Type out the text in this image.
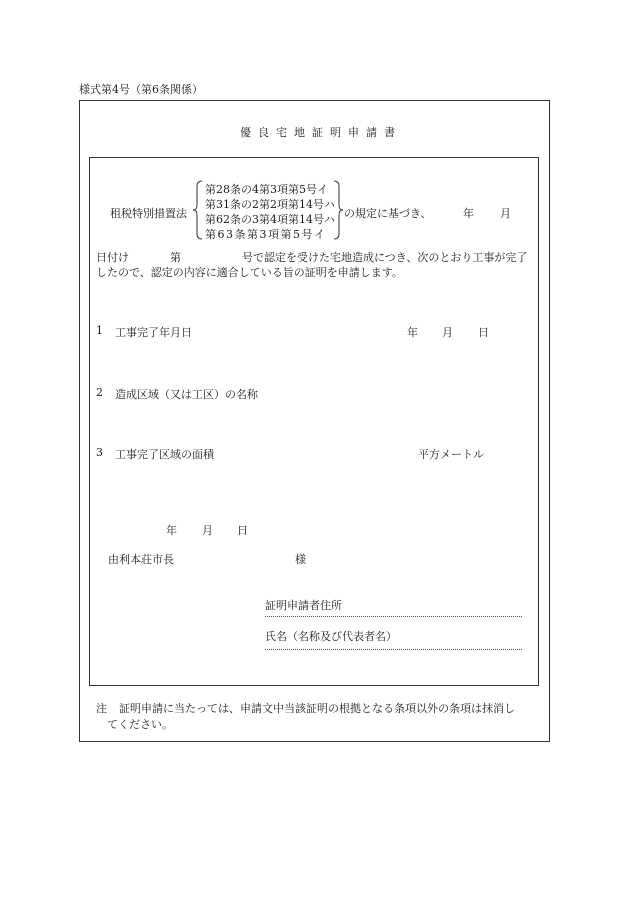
様式第4号（第6条関係）
優良宅地証明申請書
租税特別措置法
第28条の4第3項第5号イ
第31条の2第2項第14号ハ
第62条の3第4項第14号ハ
第63条第3項第5号イ
の規定に基づき、	年 月
日付け	第	号で認定を受けた宅地造成につき、次のとおり工事が完了
したので、認定の内容に適合している旨の証明を申請します。
1 工事完了年月日	年 月 日
2 造成区域（又は工区）の名称
3 工事完了区域の面積	平方メートル
年 月 日
由利本荘市長	様
証明申請者住所
氏名（名称及び代表者名）
注 証明申請に当たっては、申請文中当該証明の根拠となる条項以外の条項は抹消し
てください。
